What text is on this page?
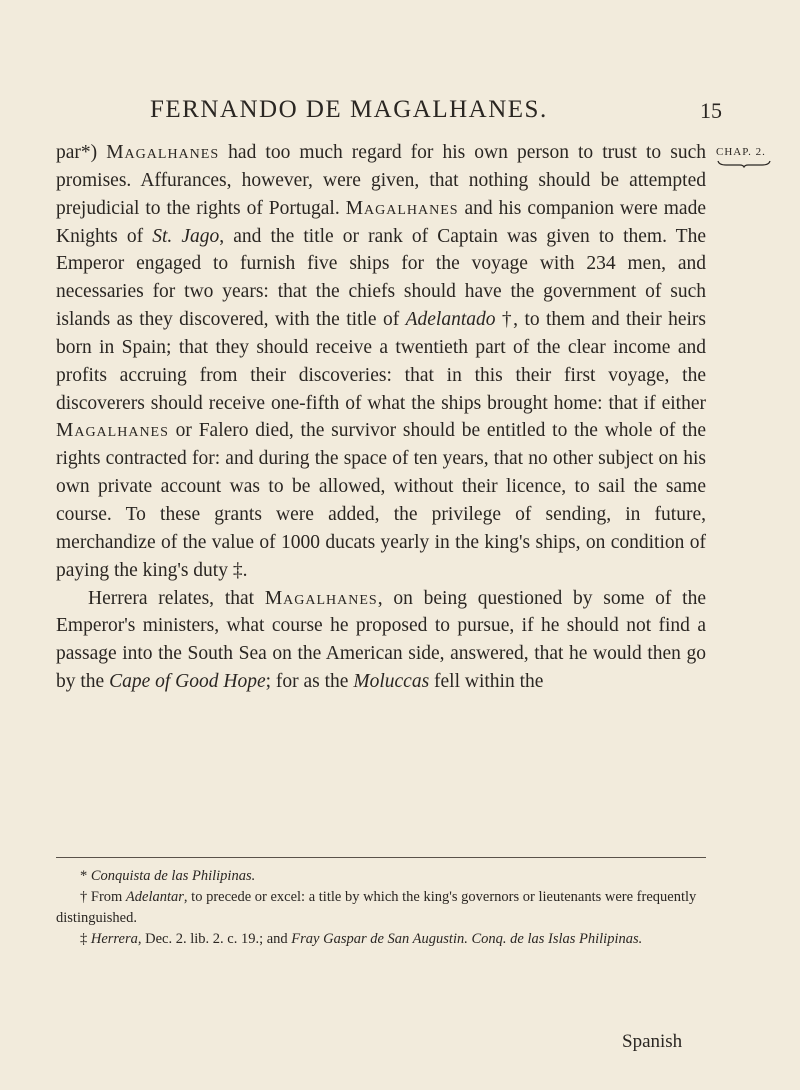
FERNANDO DE MAGALHANES.	15
CHAP. 2.

par*) Magalhanes had too much regard for his own person to trust to such promises. Affurances, however, were given, that nothing should be attempted prejudicial to the rights of Portugal. Magalhanes and his companion were made Knights of St. Jago, and the title or rank of Captain was given to them. The Emperor engaged to furnish five ships for the voyage with 234 men, and necessaries for two years: that the chiefs should have the government of such islands as they discovered, with the title of Adelantado †, to them and their heirs born in Spain; that they should receive a twentieth part of the clear income and profits accruing from their discoveries: that in this their first voyage, the discoverers should receive one-fifth of what the ships brought home: that if either Magalhanes or Falero died, the survivor should be entitled to the whole of the rights contracted for: and during the space of ten years, that no other subject on his own private account was to be allowed, without their licence, to sail the same course. To these grants were added, the privilege of sending, in future, merchandize of the value of 1000 ducats yearly in the king's ships, on condition of paying the king's duty ‡.

Herrera relates, that Magalhanes, on being questioned by some of the Emperor's ministers, what course he proposed to pursue, if he should not find a passage into the South Sea on the American side, answered, that he would then go by the Cape of Good Hope; for as the Moluccas fell within the

* Conquista de las Philipinas.

† From Adelantar, to precede or excel: a title by which the king's governors or lieutenants were frequently distinguished.

‡ Herrera, Dec. 2. lib. 2. c. 19.; and Fray Gaspar de San Augustin. Conq. de las Islas Philipinas.

Spanish
